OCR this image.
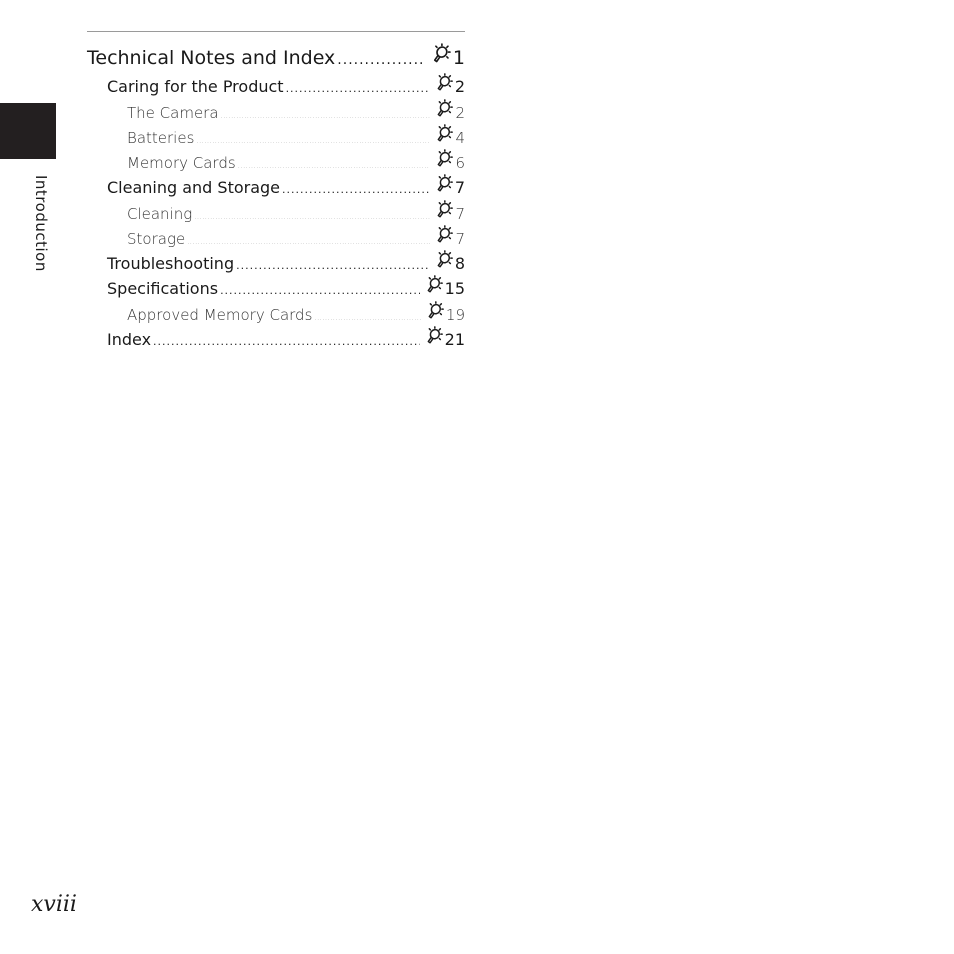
Introduction
Technical Notes and Index .....	1
Caring for the Product .....	2
The Camera .....	2
Batteries .....	4
Memory Cards .....	6
Cleaning and Storage .....	7
Cleaning .....	7
Storage .....	7
Troubleshooting .....	8
Specifications .....	15
Approved Memory Cards .....	19
Index .....	21
xviii
